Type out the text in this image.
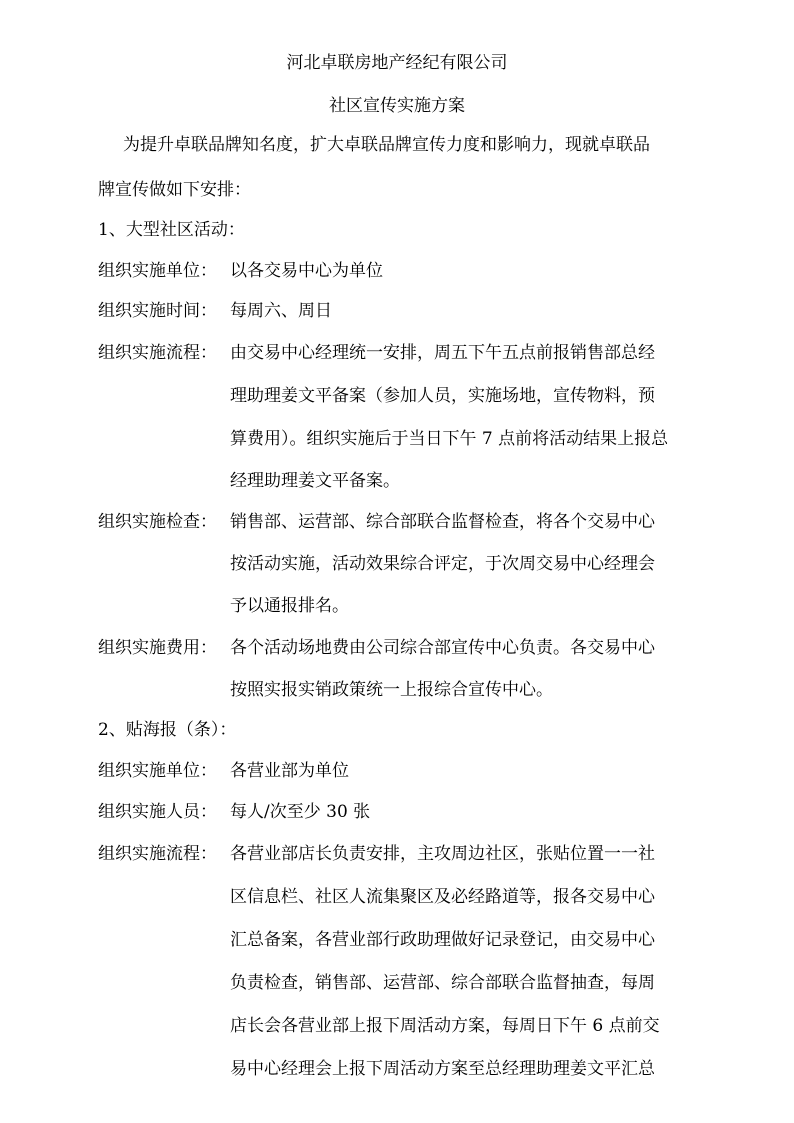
河北卓联房地产经纪有限公司
社区宣传实施方案
为提升卓联品牌知名度，扩大卓联品牌宣传力度和影响力，现就卓联品
牌宣传做如下安排：
1、大型社区活动：
组织实施单位： 以各交易中心为单位
组织实施时间： 每周六、周日
组织实施流程： 由交易中心经理统一安排，周五下午五点前报销售部总经
理助理姜文平备案（参加人员，实施场地，宣传物料，预
算费用）。组织实施后于当日下午 7 点前将活动结果上报总
经理助理姜文平备案。
组织实施检查： 销售部、运营部、综合部联合监督检查，将各个交易中心
按活动实施，活动效果综合评定，于次周交易中心经理会
予以通报排名。
组织实施费用： 各个活动场地费由公司综合部宣传中心负责。各交易中心
按照实报实销政策统一上报综合宣传中心。
2、贴海报（条）：
组织实施单位： 各营业部为单位
组织实施人员： 每人/次至少 30 张
组织实施流程： 各营业部店长负责安排，主攻周边社区，张贴位置一一社
区信息栏、社区人流集聚区及必经路道等，报各交易中心
汇总备案，各营业部行政助理做好记录登记，由交易中心
负责检查，销售部、运营部、综合部联合监督抽查，每周
店长会各营业部上报下周活动方案，每周日下午 6 点前交
易中心经理会上报下周活动方案至总经理助理姜文平汇总
